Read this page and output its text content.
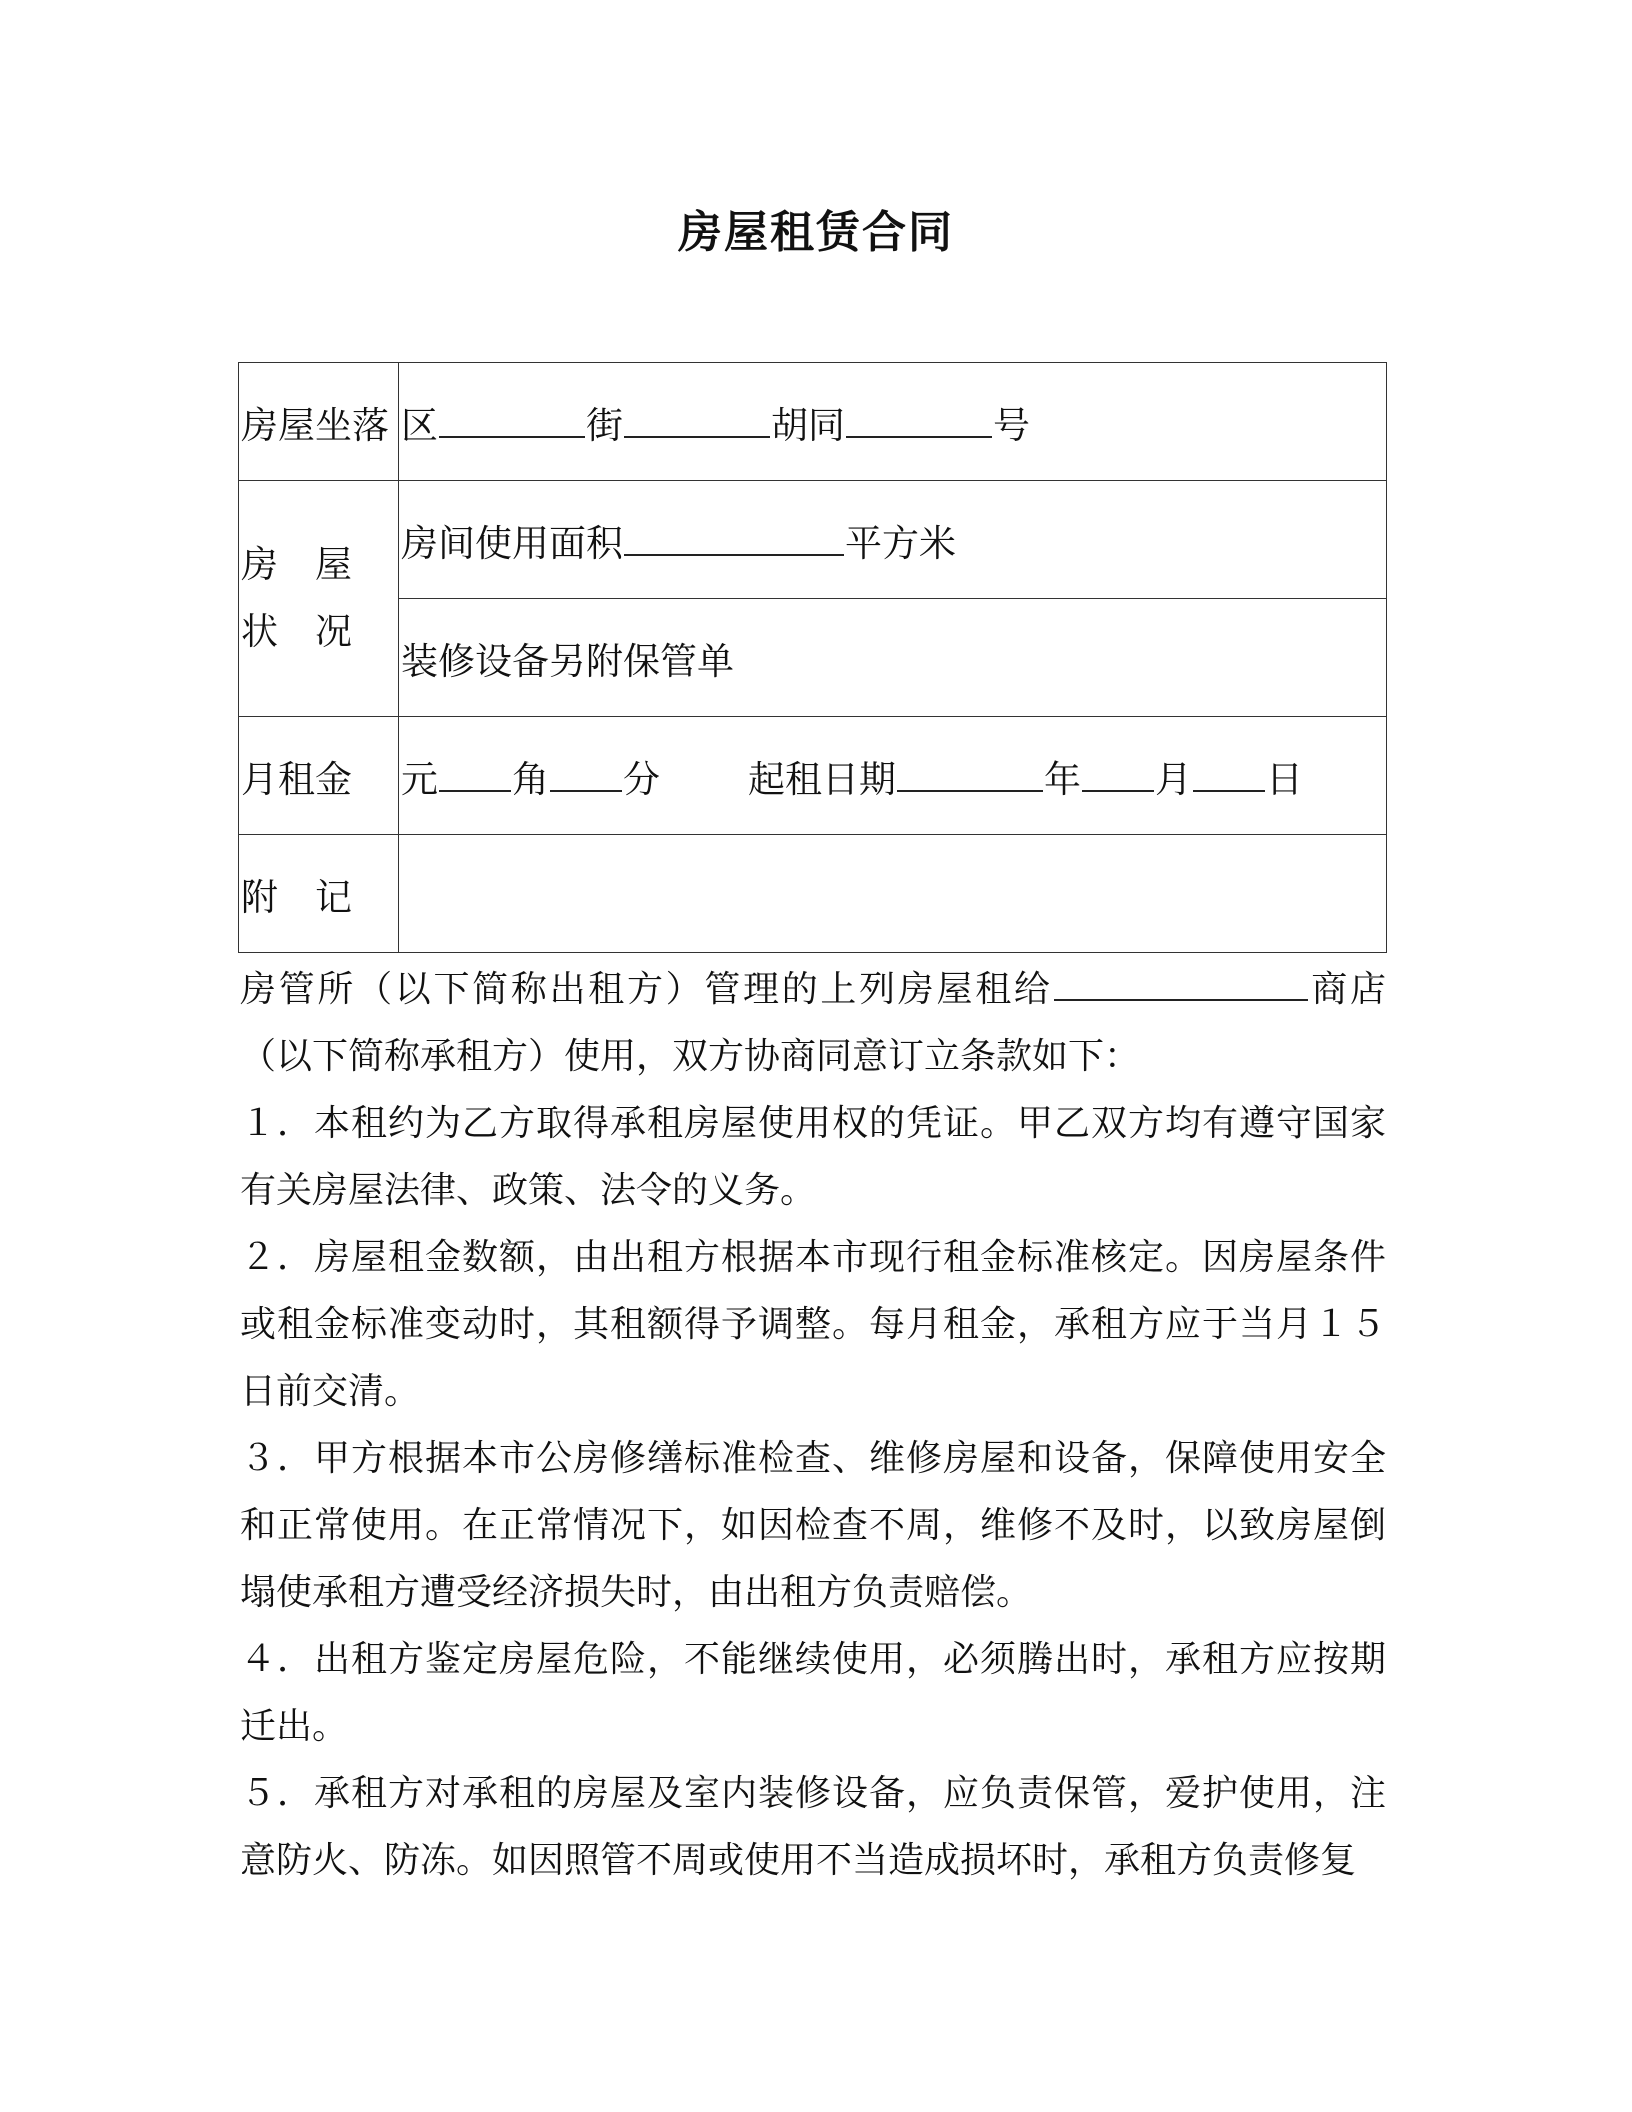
房屋租赁合同
房屋坐落	区 街 胡同 号

房　屋
状　况	房间使用面积 平方米
	装修设备另附保管单
月租金	元 角 分 起租日期 年 月 日
附　记	

房管所（以下简称出租方）管理的上列房屋租给	商店（以下简称承租方）使用，双方协商同意订立条款如下：

１．本租约为乙方取得承租房屋使用权的凭证。甲乙双方均有遵守国家有关房屋法律、政策、法令的义务。

２．房屋租金数额，由出租方根据本市现行租金标准核定。因房屋条件或租金标准变动时，其租额得予调整。每月租金，承租方应于当月１５日前交清。

３．甲方根据本市公房修缮标准检查、维修房屋和设备，保障使用安全和正常使用。在正常情况下，如因检查不周，维修不及时，以致房屋倒塌使承租方遭受经济损失时，由出租方负责赔偿。

４．出租方鉴定房屋危险，不能继续使用，必须腾出时，承租方应按期迁出。

５．承租方对承租的房屋及室内装修设备，应负责保管，爱护使用，注意防火、防冻。如因照管不周或使用不当造成损坏时，承租方负责修复
